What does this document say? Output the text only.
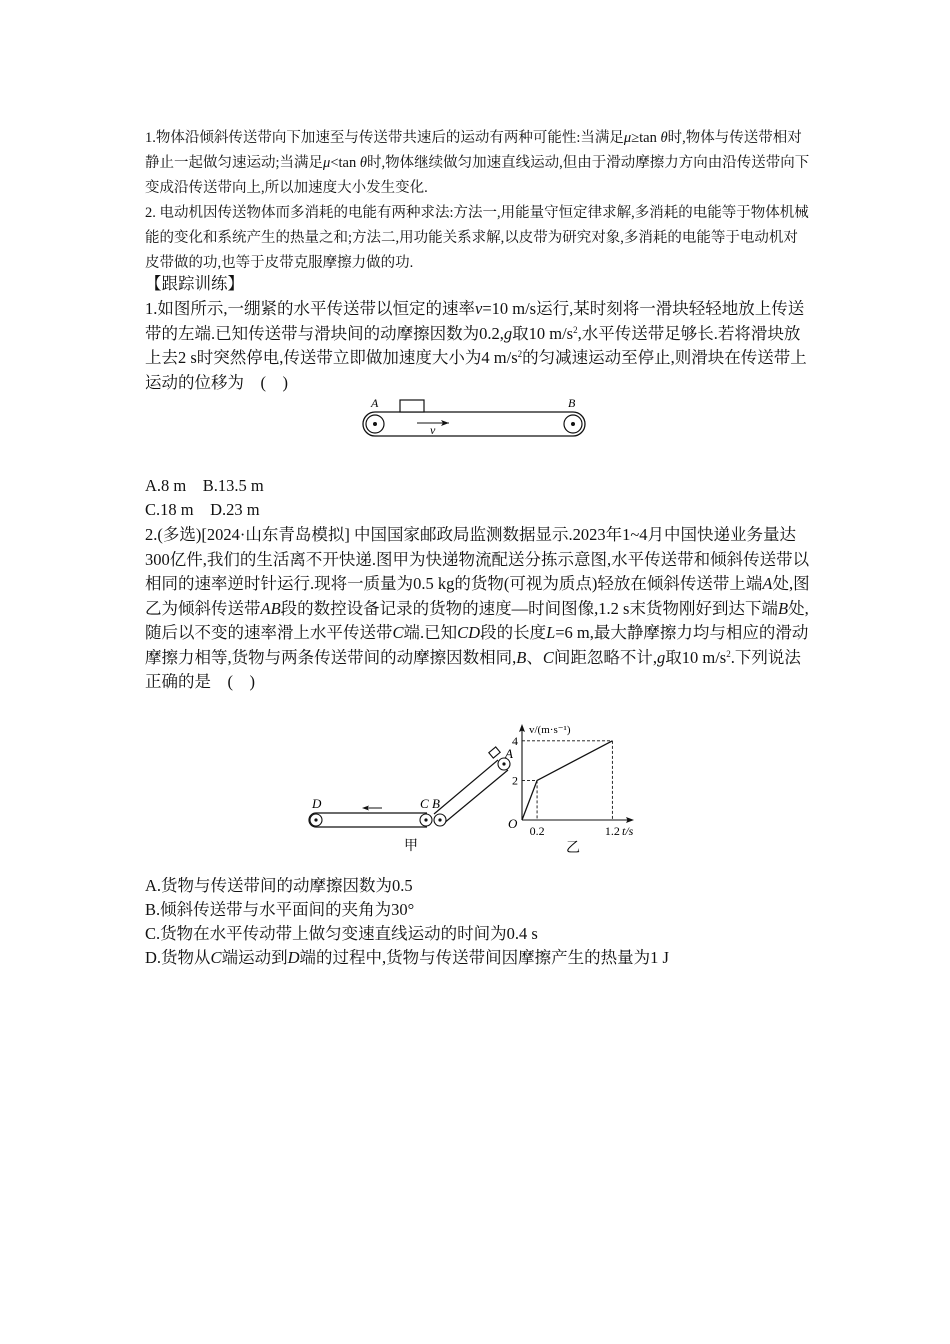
1.物体沿倾斜传送带向下加速至与传送带共速后的运动有两种可能性:当满足μ≥tan θ时,物体与传送带相对静止一起做匀速运动;当满足μ<tan θ时,物体继续做匀加速直线运动,但由于滑动摩擦力方向由沿传送带向下变成沿传送带向上,所以加速度大小发生变化.
2. 电动机因传送物体而多消耗的电能有两种求法:方法一,用能量守恒定律求解,多消耗的电能等于物体机械能的变化和系统产生的热量之和;方法二,用功能关系求解,以皮带为研究对象,多消耗的电能等于电动机对皮带做的功,也等于皮带克服摩擦力做的功.
【跟踪训练】
1.如图所示,一绷紧的水平传送带以恒定的速率v=10 m/s运行,某时刻将一滑块轻轻地放上传送带的左端.已知传送带与滑块间的动摩擦因数为0.2,g取10 $m/s^2$,水平传送带足够长.若将滑块放上去2 s时突然停电,传送带立即做加速度大小为4 $m/s^2$的匀减速运动至停止,则滑块在传送带上运动的位移为　(　)
A	B
v
A.8 m　B.13.5 m
C.18 m　D.23 m
2.(多选)[2024·山东青岛模拟] 中国国家邮政局监测数据显示.2023年1~4月中国快递业务量达300亿件,我们的生活离不开快递.图甲为快递物流配送分拣示意图,水平传送带和倾斜传送带以相同的速率逆时针运行.现将一质量为0.5 kg的货物(可视为质点)轻放在倾斜传送带上端A处,图乙为倾斜传送带AB段的数控设备记录的货物的速度—时间图像,1.2 s末货物刚好到达下端B处,随后以不变的速率滑上水平传送带C端.已知CD段的长度L=6 m,最大静摩擦力均与相应的滑动摩擦力相等,货物与两条传送带间的动摩擦因数相同,B、C间距忽略不计,g取10 $m/s^2$.下列说法正确的是　(　)
D	C B
A
甲
O
v/(m·s⁻¹)
t/s
2
4
0.2	1.2
乙
A.货物与传送带间的动摩擦因数为0.5
B.倾斜传送带与水平面间的夹角为30°
C.货物在水平传动带上做匀变速直线运动的时间为0.4 s
D.货物从C端运动到D端的过程中,货物与传送带间因摩擦产生的热量为1 J
